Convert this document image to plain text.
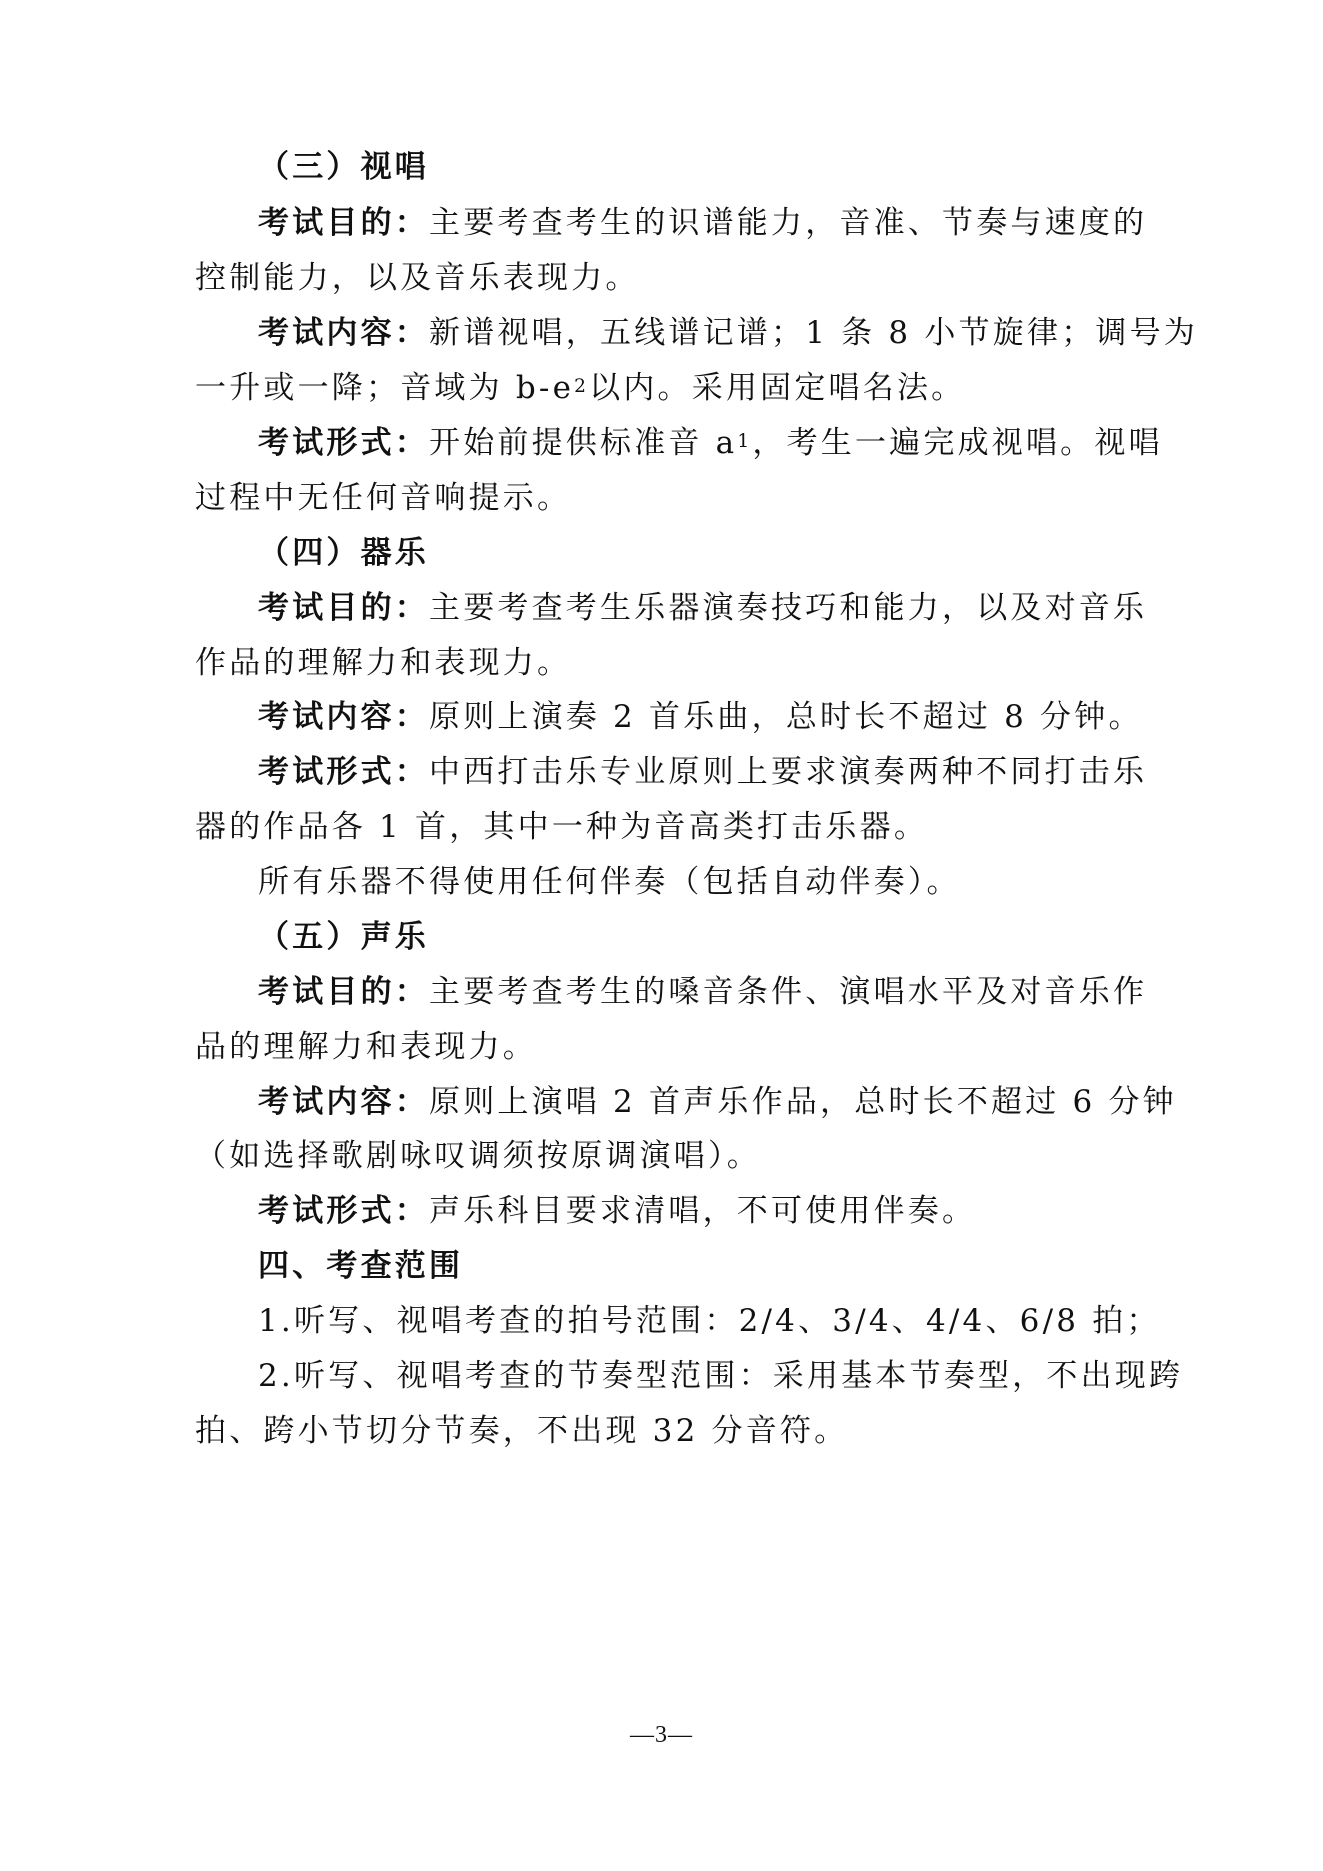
（三）视唱
考试目的：主要考查考生的识谱能力，音准、节奏与速度的
控制能力，以及音乐表现力。
考试内容：新谱视唱，五线谱记谱；1 条 8 小节旋律；调号为
一升或一降；音域为 $b-e^2$以内。采用固定唱名法。
考试形式：开始前提供标准音 $a^1$，考生一遍完成视唱。视唱
过程中无任何音响提示。
（四）器乐
考试目的：主要考查考生乐器演奏技巧和能力，以及对音乐
作品的理解力和表现力。
考试内容：原则上演奏 2 首乐曲，总时长不超过 8 分钟。
考试形式：中西打击乐专业原则上要求演奏两种不同打击乐
器的作品各 1 首，其中一种为音高类打击乐器。
所有乐器不得使用任何伴奏（包括自动伴奏）。
（五）声乐
考试目的：主要考查考生的嗓音条件、演唱水平及对音乐作
品的理解力和表现力。
考试内容：原则上演唱 2 首声乐作品，总时长不超过 6 分钟
（如选择歌剧咏叹调须按原调演唱）。
考试形式：声乐科目要求清唱，不可使用伴奏。
四、考查范围
1.听写、视唱考查的拍号范围：2/4、3/4、4/4、6/8 拍；
2.听写、视唱考查的节奏型范围：采用基本节奏型，不出现跨
拍、跨小节切分节奏，不出现 32 分音符。
—3—
